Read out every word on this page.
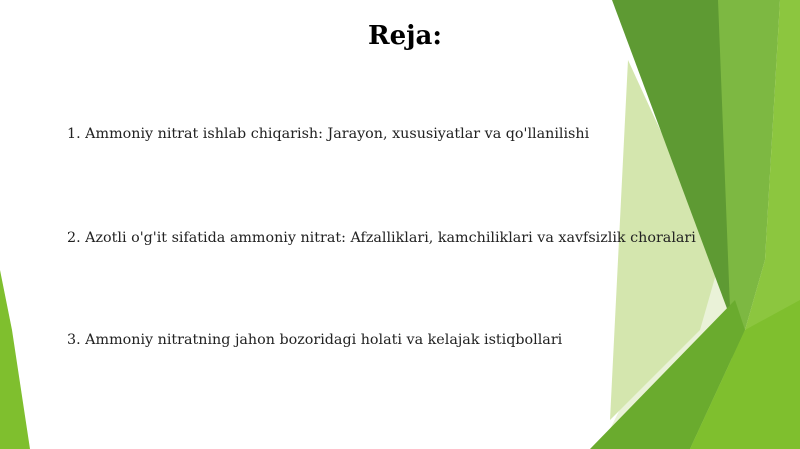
Reja:
1. Ammoniy nitrat ishlab chiqarish: Jarayon, xususiyatlar va qo'llanilishi
2. Azotli o'g'it sifatida ammoniy nitrat: Afzalliklari, kamchiliklari va xavfsizlik choralari
3. Ammoniy nitratning jahon bozoridagi holati va kelajak istiqbollari
